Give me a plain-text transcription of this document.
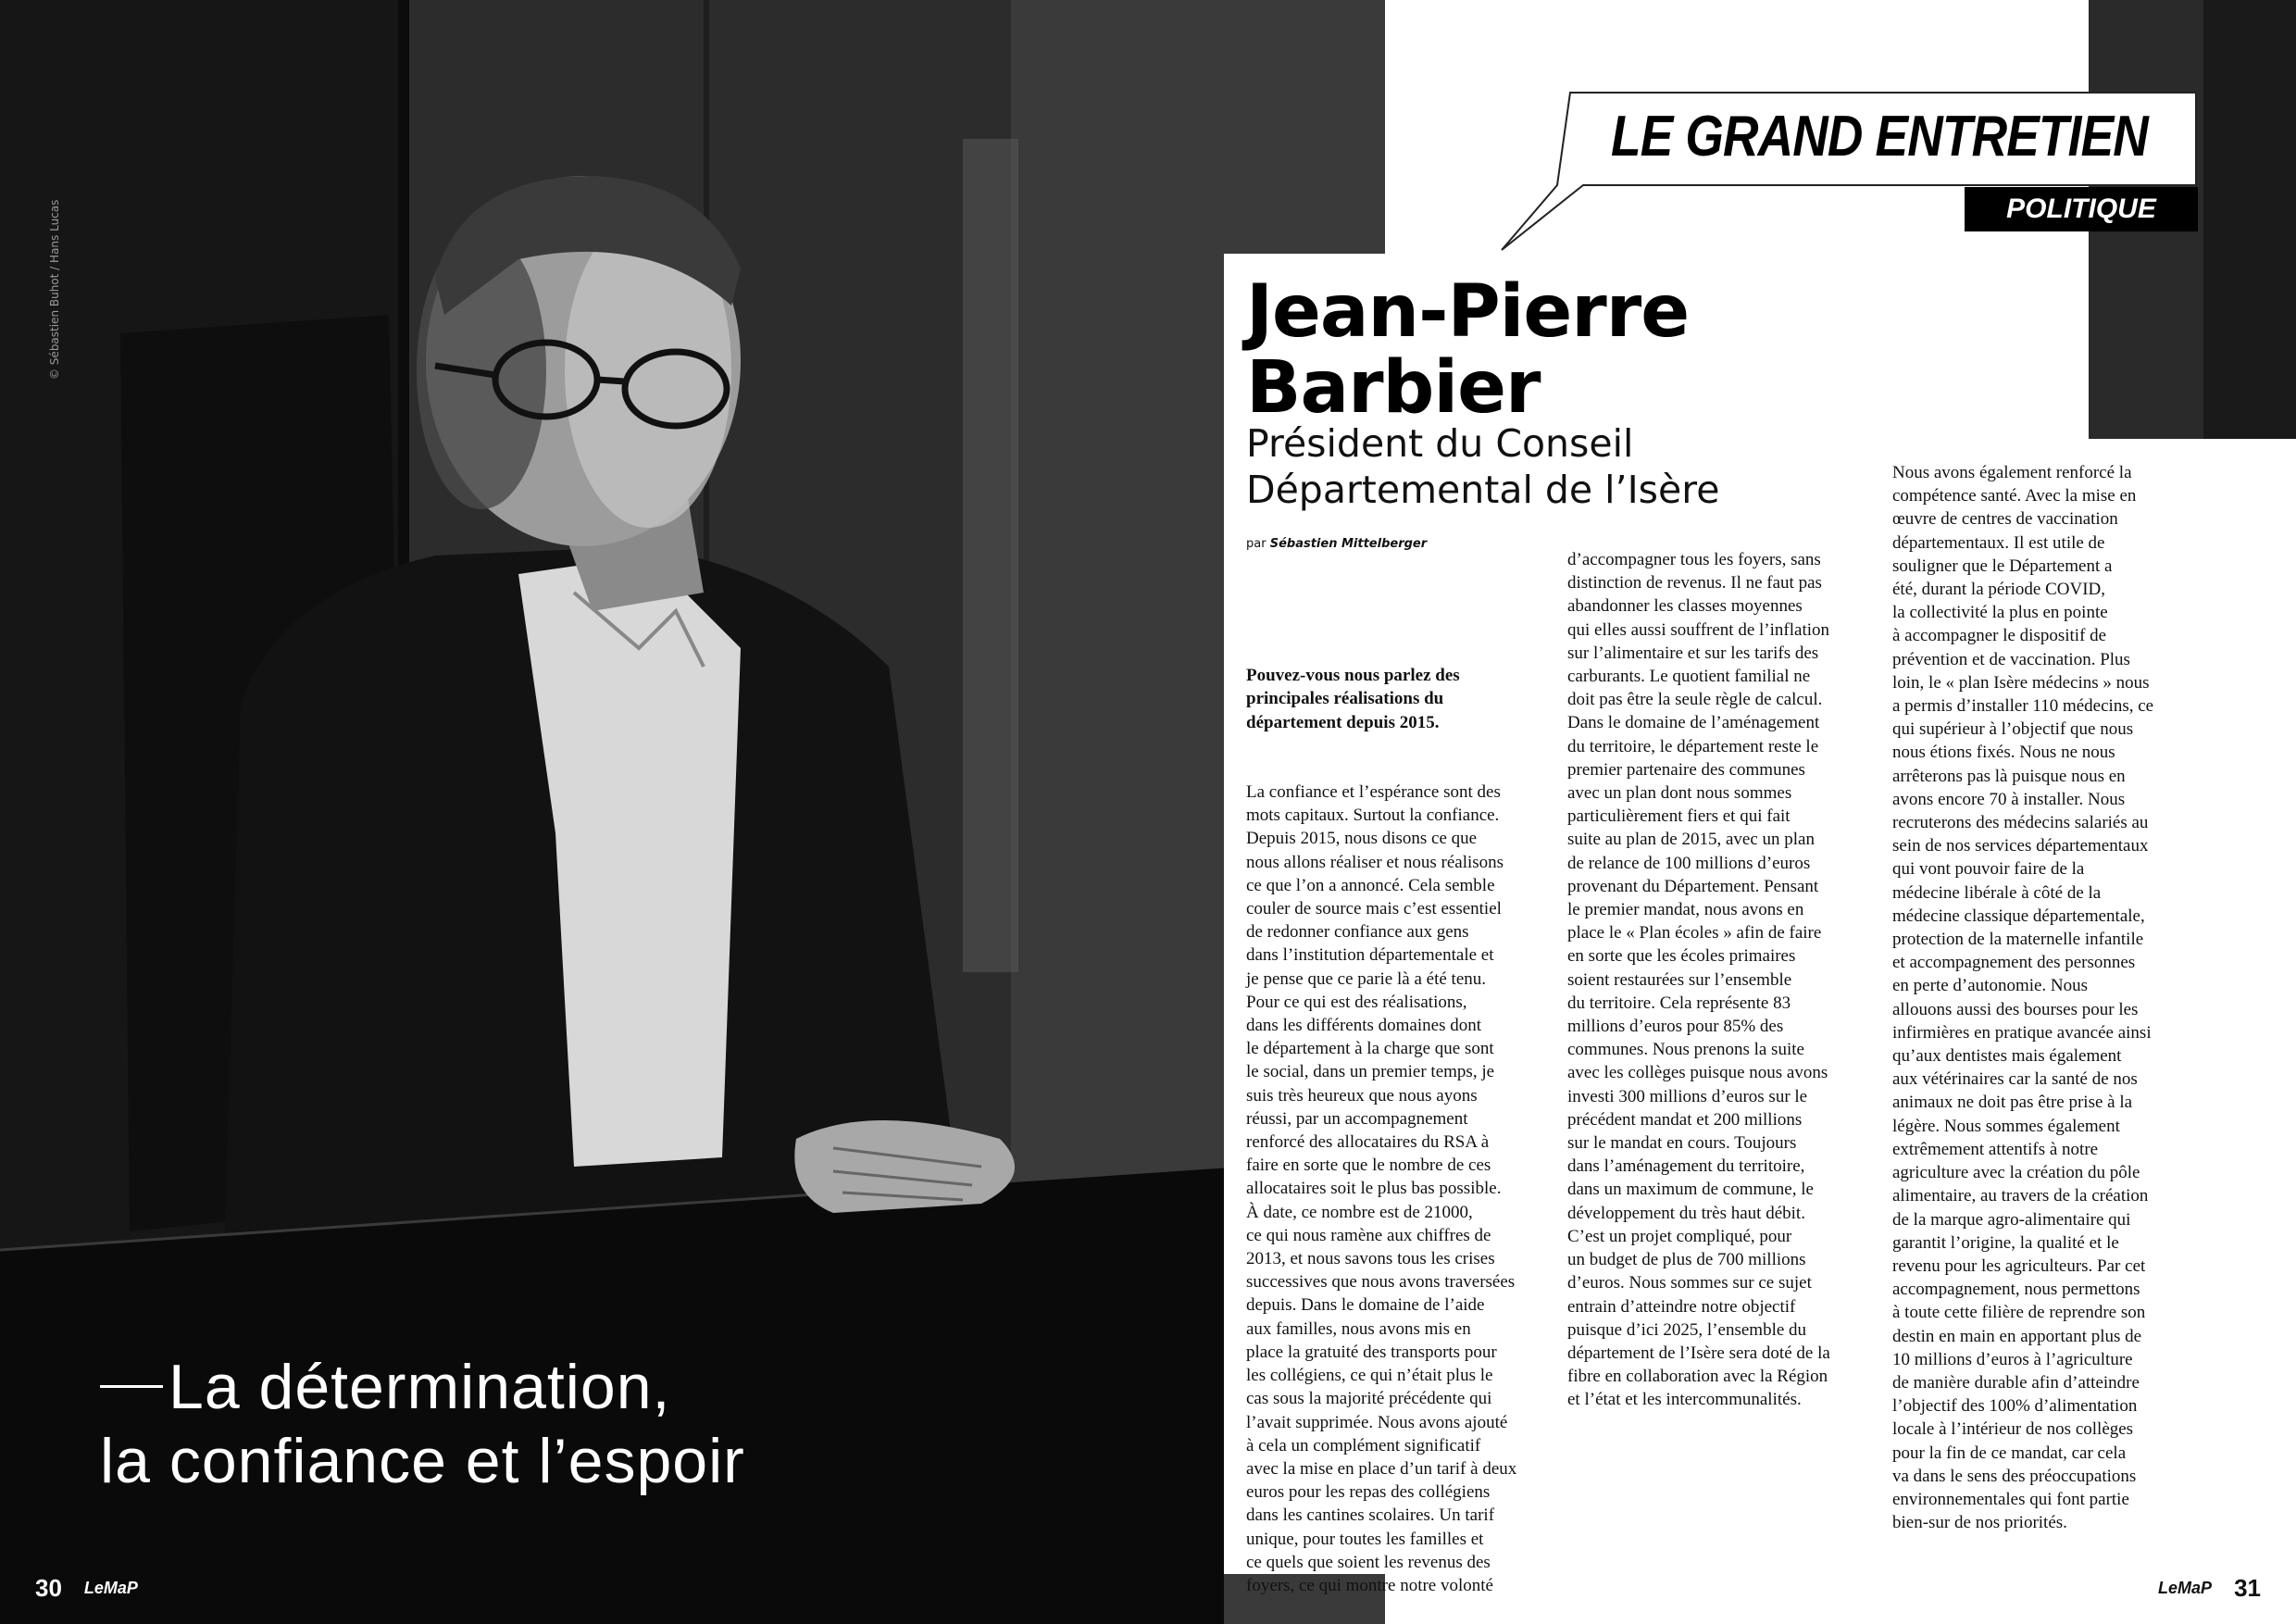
© Sébastien Buhot / Hans Lucas
La détermination,
la confiance et l’espoir
30 LeMaP
LE GRAND ENTRETIEN
POLITIQUE
Jean-Pierre
Barbier
Président du Conseil
Départemental de l’Isère
par Sébastien Mittelberger

Pouvez-vous nous parlez des
principales réalisations du
département depuis 2015.

La confiance et l’espérance sont des
mots capitaux. Surtout la confiance.
Depuis 2015, nous disons ce que
nous allons réaliser et nous réalisons
ce que l’on a annoncé. Cela semble
couler de source mais c’est essentiel
de redonner confiance aux gens
dans l’institution départementale et
je pense que ce parie là a été tenu.
Pour ce qui est des réalisations,
dans les différents domaines dont
le département à la charge que sont
le social, dans un premier temps, je
suis très heureux que nous ayons
réussi, par un accompagnement
renforcé des allocataires du RSA à
faire en sorte que le nombre de ces
allocataires soit le plus bas possible.
À date, ce nombre est de 21000,
ce qui nous ramène aux chiffres de
2013, et nous savons tous les crises
successives que nous avons traversées
depuis. Dans le domaine de l’aide
aux familles, nous avons mis en
place la gratuité des transports pour
les collégiens, ce qui n’était plus le
cas sous la majorité précédente qui
l’avait supprimée. Nous avons ajouté
à cela un complément significatif
avec la mise en place d’un tarif à deux
euros pour les repas des collégiens
dans les cantines scolaires. Un tarif
unique, pour toutes les familles et
ce quels que soient les revenus des
foyers, ce qui montre notre volonté

d’accompagner tous les foyers, sans
distinction de revenus. Il ne faut pas
abandonner les classes moyennes
qui elles aussi souffrent de l’inflation
sur l’alimentaire et sur les tarifs des
carburants. Le quotient familial ne
doit pas être la seule règle de calcul.
Dans le domaine de l’aménagement
du territoire, le département reste le
premier partenaire des communes
avec un plan dont nous sommes
particulièrement fiers et qui fait
suite au plan de 2015, avec un plan
de relance de 100 millions d’euros
provenant du Département. Pensant
le premier mandat, nous avons en
place le « Plan écoles » afin de faire
en sorte que les écoles primaires
soient restaurées sur l’ensemble
du territoire. Cela représente 83
millions d’euros pour 85% des
communes. Nous prenons la suite
avec les collèges puisque nous avons
investi 300 millions d’euros sur le
précédent mandat et 200 millions
sur le mandat en cours. Toujours
dans l’aménagement du territoire,
dans un maximum de commune, le
développement du très haut débit.
C’est un projet compliqué, pour
un budget de plus de 700 millions
d’euros. Nous sommes sur ce sujet
entrain d’atteindre notre objectif
puisque d’ici 2025, l’ensemble du
département de l’Isère sera doté de la
fibre en collaboration avec la Région
et l’état et les intercommunalités.
Nous avons également renforcé la
compétence santé. Avec la mise en
œuvre de centres de vaccination
départementaux. Il est utile de
souligner que le Département a
été, durant la période COVID,
la collectivité la plus en pointe
à accompagner le dispositif de
prévention et de vaccination. Plus
loin, le « plan Isère médecins » nous
a permis d’installer 110 médecins, ce
qui supérieur à l’objectif que nous
nous étions fixés. Nous ne nous
arrêterons pas là puisque nous en
avons encore 70 à installer. Nous
recruterons des médecins salariés au
sein de nos services départementaux
qui vont pouvoir faire de la
médecine libérale à côté de la
médecine classique départementale,
protection de la maternelle infantile
et accompagnement des personnes
en perte d’autonomie. Nous
allouons aussi des bourses pour les
infirmières en pratique avancée ainsi
qu’aux dentistes mais également
aux vétérinaires car la santé de nos
animaux ne doit pas être prise à la
légère. Nous sommes également
extrêmement attentifs à notre
agriculture avec la création du pôle
alimentaire, au travers de la création
de la marque agro-alimentaire qui
garantit l’origine, la qualité et le
revenu pour les agriculteurs. Par cet
accompagnement, nous permettons
à toute cette filière de reprendre son
destin en main en apportant plus de
10 millions d’euros à l’agriculture
de manière durable afin d’atteindre
l’objectif des 100% d’alimentation
locale à l’intérieur de nos collèges
pour la fin de ce mandat, car cela
va dans le sens des préoccupations
environnementales qui font partie
bien-sur de nos priorités.
LeMaP 31
